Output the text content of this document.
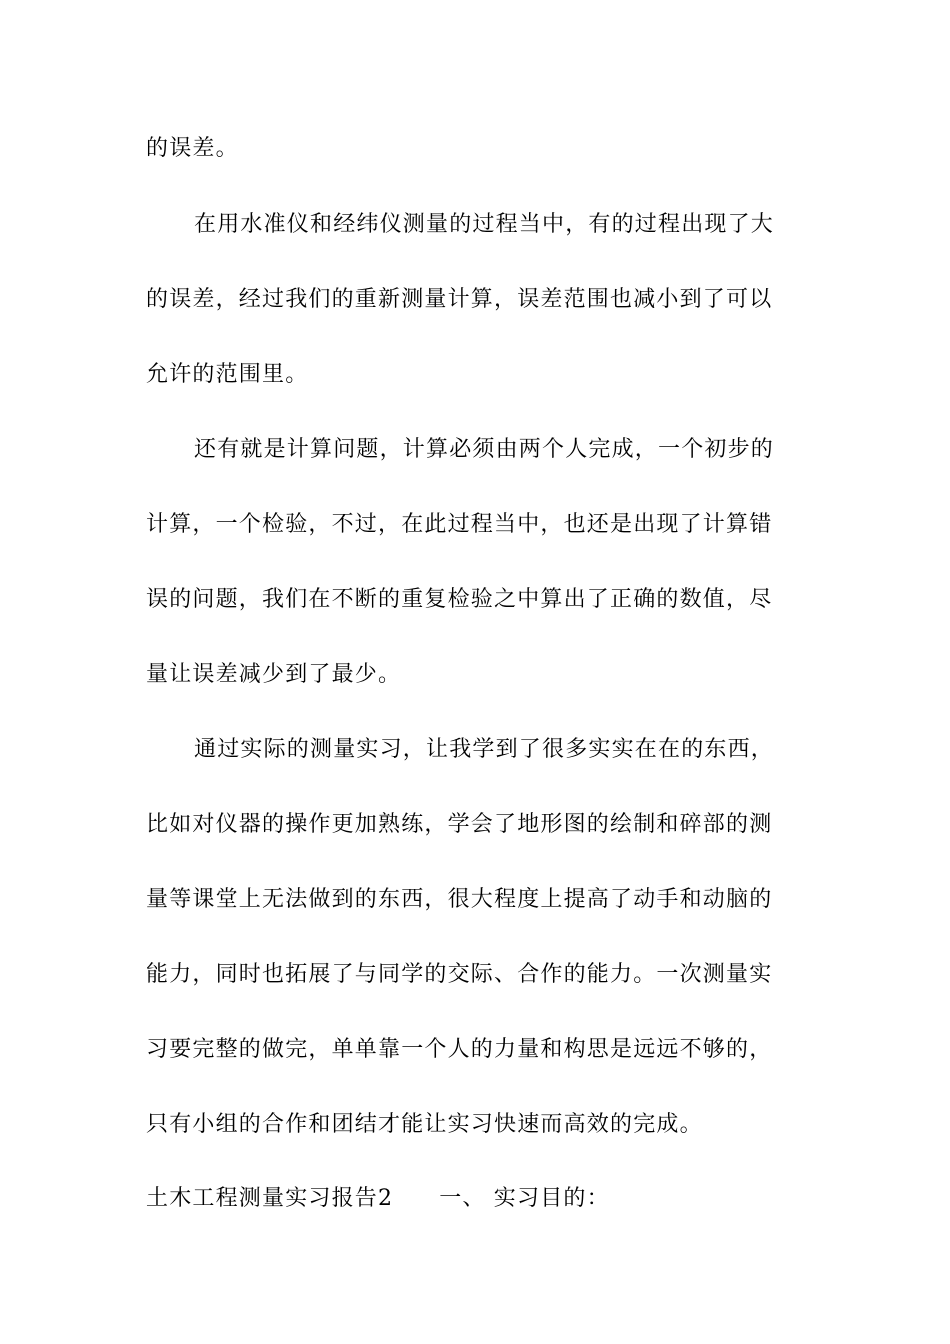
的误差。
在用水准仪和经纬仪测量的过程当中，有的过程出现了大
的误差，经过我们的重新测量计算，误差范围也减小到了可以
允许的范围里。
还有就是计算问题，计算必须由两个人完成，一个初步的
计算，一个检验，不过，在此过程当中，也还是出现了计算错
误的问题，我们在不断的重复检验之中算出了正确的数值，尽
量让误差减少到了最少。
通过实际的测量实习，让我学到了很多实实在在的东西，
比如对仪器的操作更加熟练，学会了地形图的绘制和碎部的测
量等课堂上无法做到的东西，很大程度上提高了动手和动脑的
能力，同时也拓展了与同学的交际、合作的能力。一次测量实
习要完整的做完，单单靠一个人的力量和构思是远远不够的，
只有小组的合作和团结才能让实习快速而高效的完成。
土木工程测量实习报告2 一、 实习目的：
